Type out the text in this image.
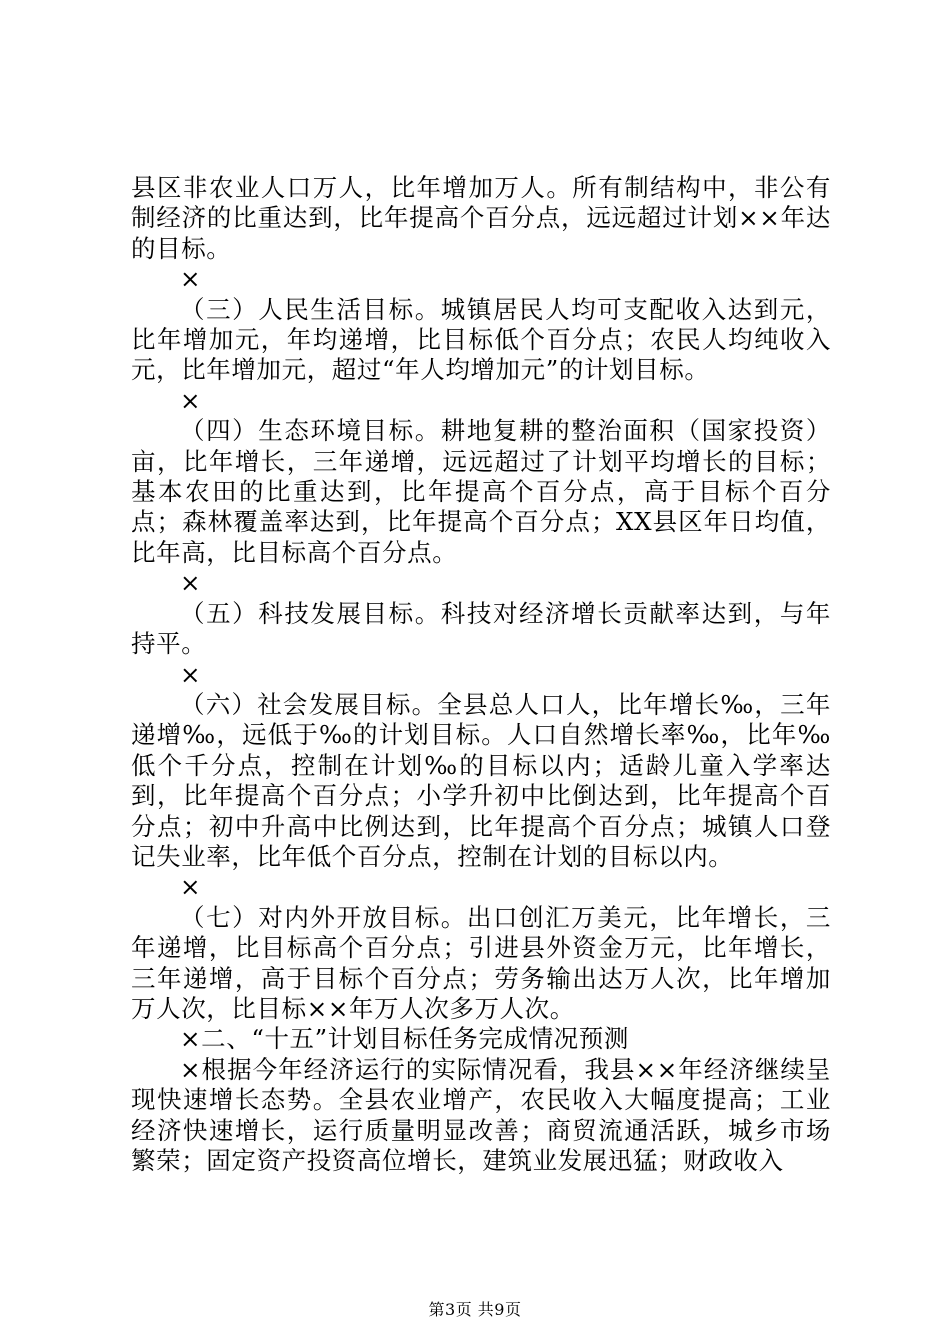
县区非农业人口万人，比年增加万人。所有制结构中，非公有制经济的比重达到，比年提高个百分点，远远超过计划××年达的目标。

×

（三）人民生活目标。城镇居民人均可支配收入达到元，比年增加元，年均递增，比目标低个百分点；农民人均纯收入元，比年增加元，超过“年人均增加元”的计划目标。

×

（四）生态环境目标。耕地复耕的整治面积（国家投资）亩，比年增长，三年递增，远远超过了计划平均增长的目标；基本农田的比重达到，比年提高个百分点，高于目标个百分点；森林覆盖率达到，比年提高个百分点；XX县区年日均值，比年高，比目标高个百分点。

×

（五）科技发展目标。科技对经济增长贡献率达到，与年持平。

×

（六）社会发展目标。全县总人口人，比年增长‰，三年递增‰，远低于‰的计划目标。人口自然增长率‰，比年‰低个千分点，控制在计划‰的目标以内；适龄儿童入学率达到，比年提高个百分点；小学升初中比倒达到，比年提高个百分点；初中升高中比例达到，比年提高个百分点；城镇人口登记失业率，比年低个百分点，控制在计划的目标以内。

×

（七）对内外开放目标。出口创汇万美元，比年增长，三年递增，比目标高个百分点；引进县外资金万元，比年增长，三年递增，高于目标个百分点；劳务输出达万人次，比年增加万人次，比目标××年万人次多万人次。

×二、“十五”计划目标任务完成情况预测

×根据今年经济运行的实际情况看，我县××年经济继续呈现快速增长态势。全县农业增产，农民收入大幅度提高；工业经济快速增长，运行质量明显改善；商贸流通活跃，城乡市场繁荣；固定资产投资高位增长，建筑业发展迅猛；财政收入

第3页 共9页
